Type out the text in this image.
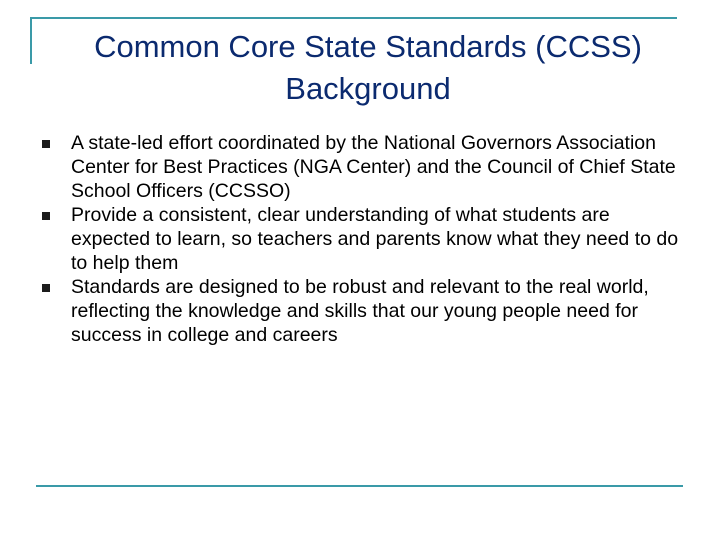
Common Core State Standards (CCSS) Background
A state-led effort coordinated by the National Governors Association Center for Best Practices (NGA Center) and the Council of Chief State School Officers (CCSSO)
Provide a consistent, clear understanding of what students are expected to learn, so teachers and parents know what they need to do to help them
Standards are designed to be robust and relevant to the real world, reflecting the knowledge and skills that our young people need for success in college and careers
